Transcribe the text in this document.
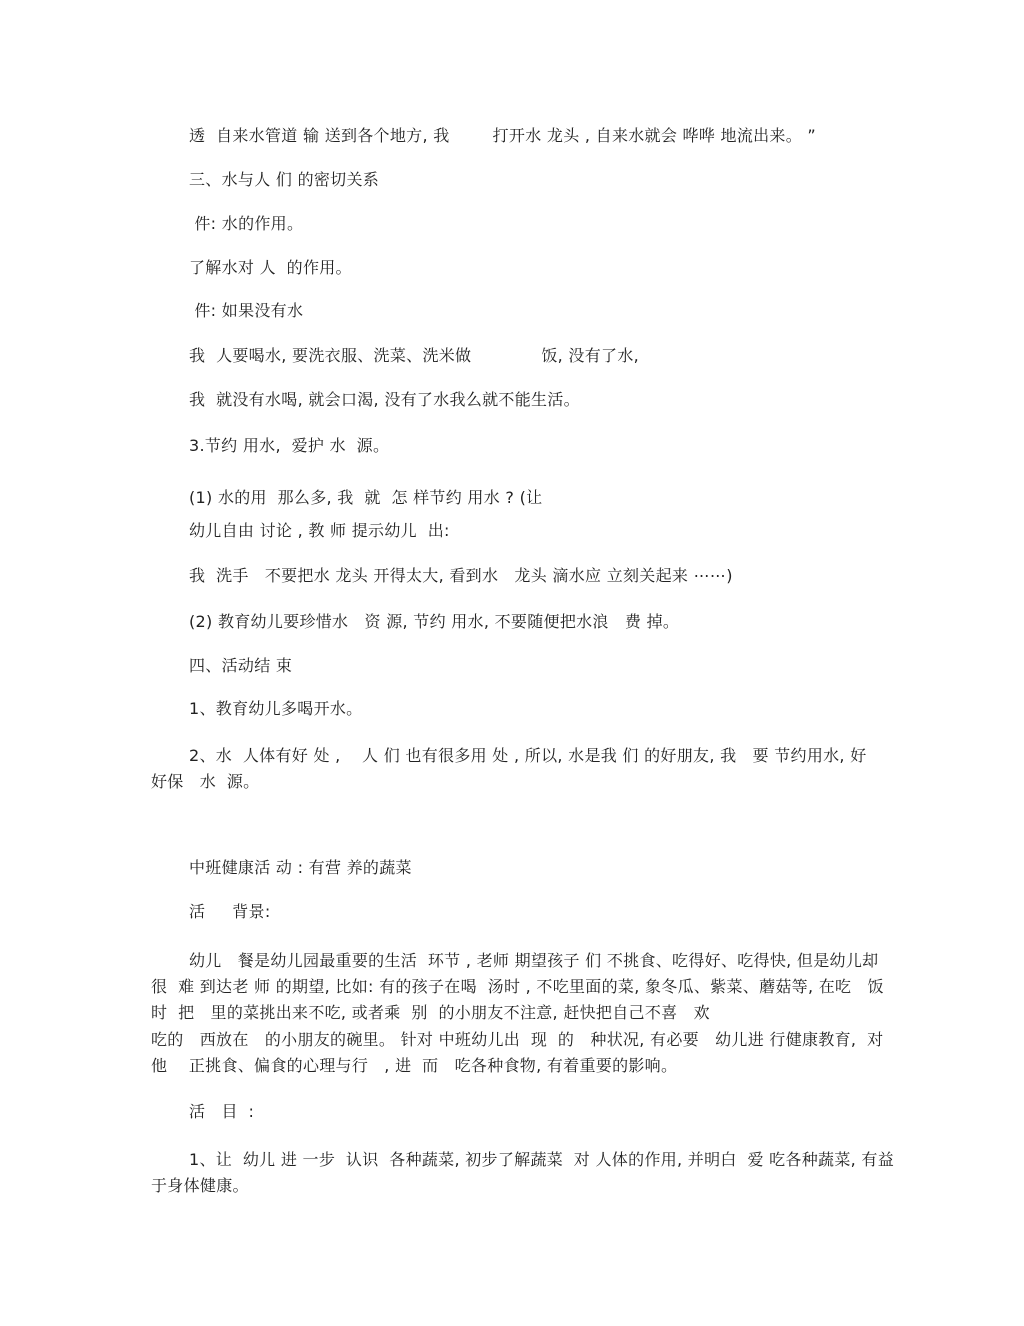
透  自来水管道 输 送到各个地方, 我        打开水 龙头 , 自来水就会 哗哗 地流出来。 ”
三、水与人 们 的密切关系
件: 水的作用。
了解水对 人  的作用。
件: 如果没有水
我  人要喝水, 要洗衣服、洗菜、洗米做             饭, 没有了水,
我  就没有水喝, 就会口渴, 没有了水我么就不能生活。
3.节约 用水,  爱护 水  源。
(1) 水的用  那么多, 我  就  怎 样节约 用水 ? (让
幼儿自由 讨论 , 教 师 提示幼儿  出:
我  洗手   不要把水 龙头 开得太大, 看到水   龙头 滴水应 立刻关起来 ⋯⋯)
(2) 教育幼儿要珍惜水   资 源, 节约 用水, 不要随便把水浪   费 掉。
四、活动结 束
1、教育幼儿多喝开水。
2、水  人体有好 处 ,    人 们 也有很多用 处 , 所以, 水是我 们 的好朋友, 我   要 节约用水, 好
好保   水  源。
中班健康活 动 : 有营 养的蔬菜
活     背景:
幼儿   餐是幼儿园最重要的生活  环节 , 老师 期望孩子 们 不挑食、吃得好、吃得快, 但是幼儿却
很  难 到达老 师 的期望, 比如: 有的孩子在喝  汤时 , 不吃里面的菜, 象冬瓜、紫菜、蘑菇等, 在吃   饭
时  把   里的菜挑出来不吃, 或者乘  别  的小朋友不注意, 赶快把自己不喜   欢
吃的   西放在   的小朋友的碗里。 针对 中班幼儿出  现  的   种状况, 有必要   幼儿进 行健康教育,  对
他    正挑食、偏食的心理与行   , 进  而   吃各种食物, 有着重要的影响。
活   目  :
1、让  幼儿 进 一步  认识  各种蔬菜, 初步了解蔬菜  对 人体的作用, 并明白  爱 吃各种蔬菜, 有益
于身体健康。
